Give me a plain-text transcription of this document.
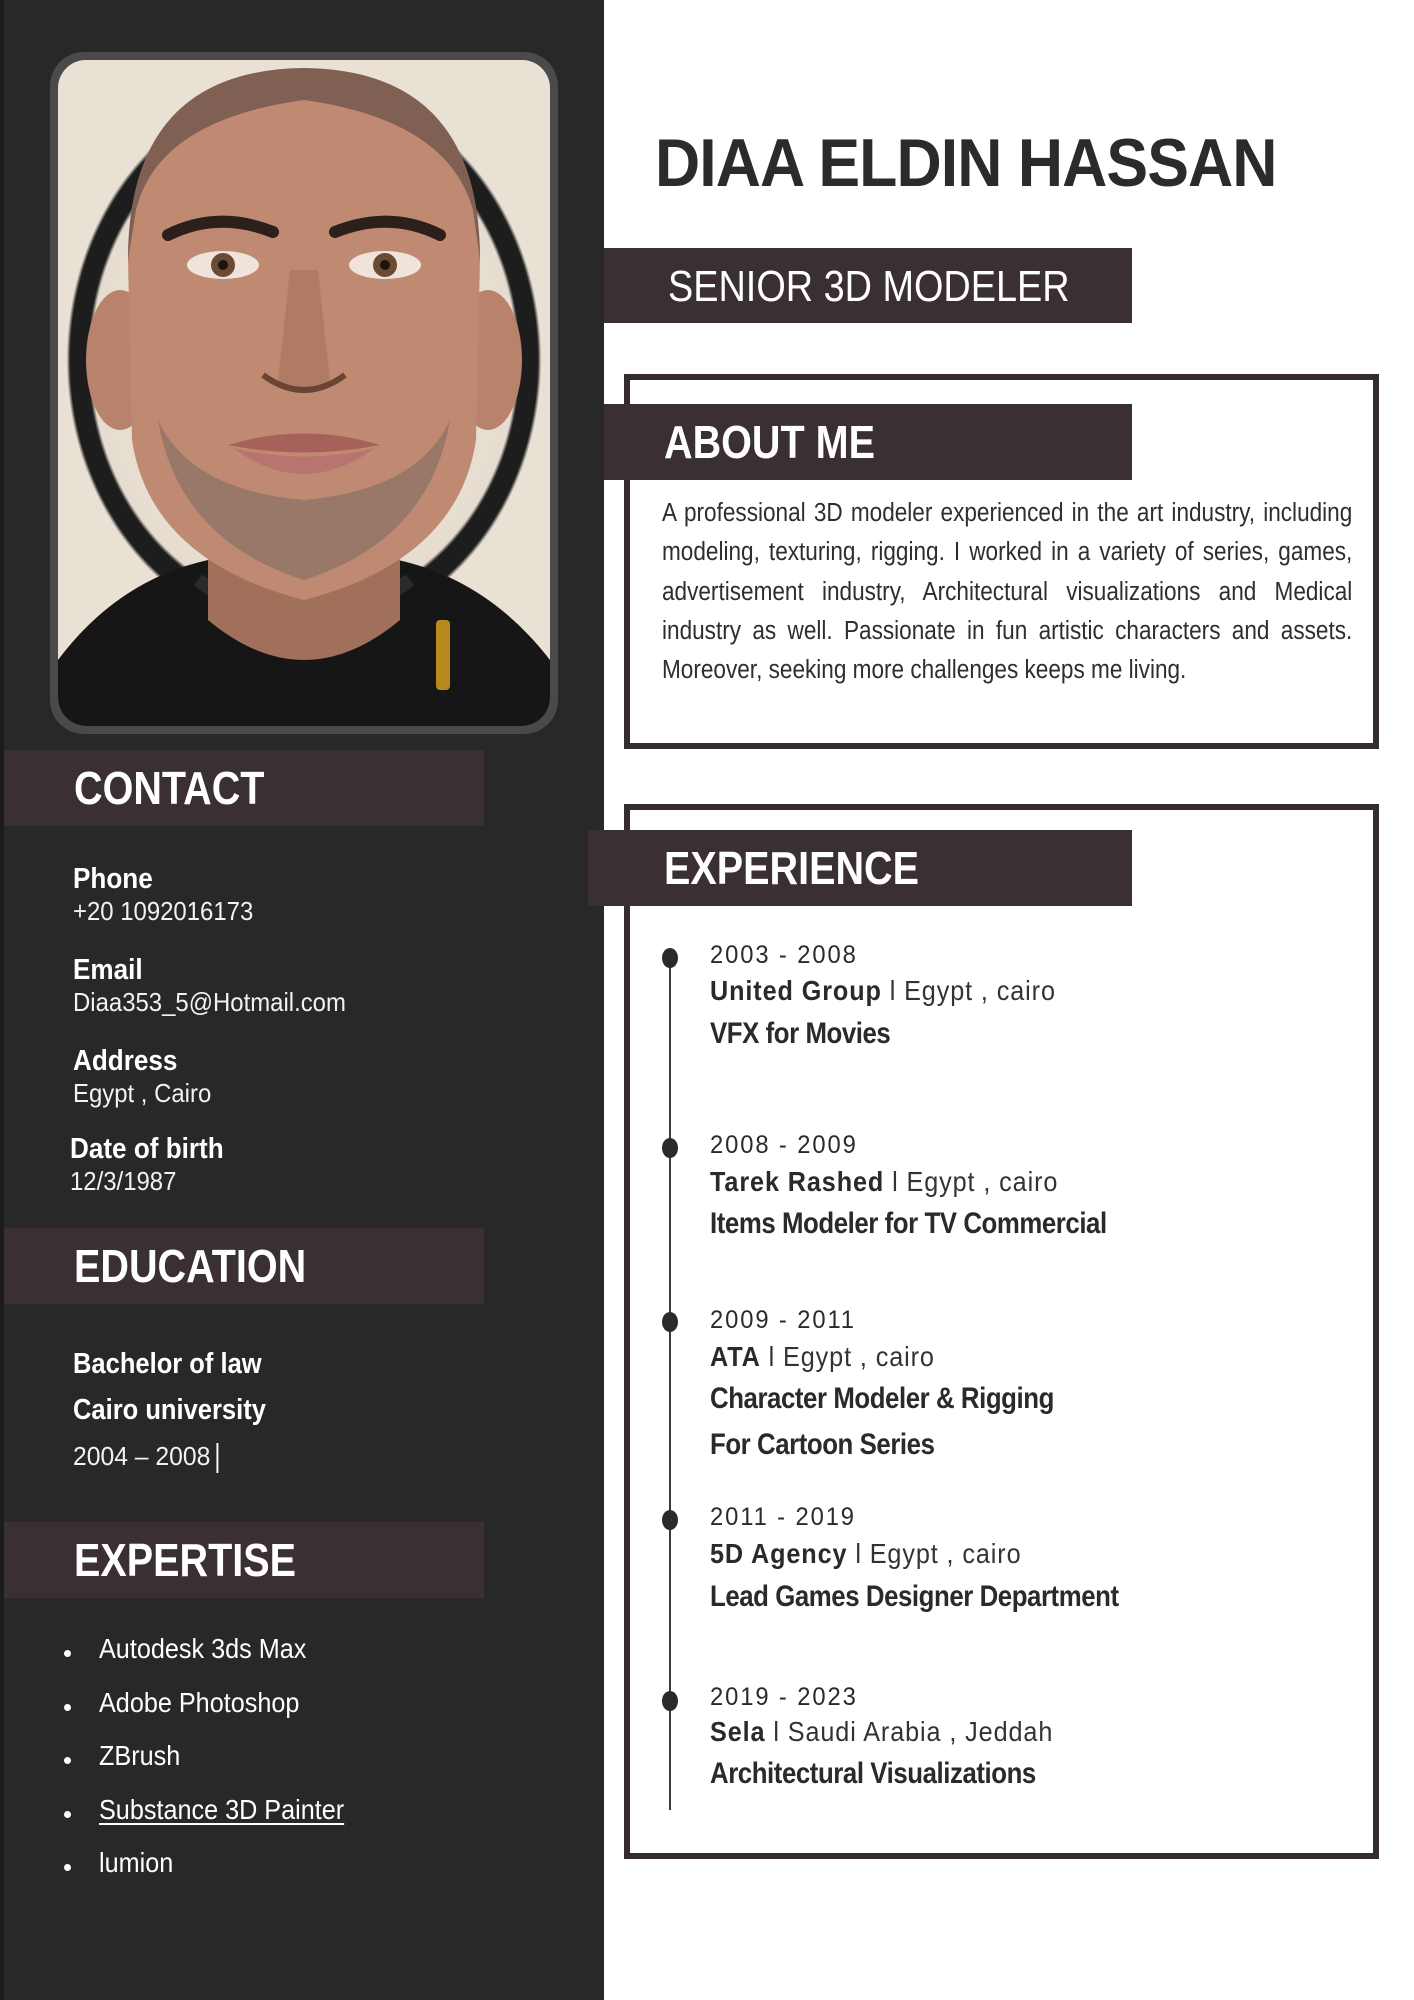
CONTACT
Phone
+20 1092016173
Email
Diaa353_5@Hotmail.com
Address
Egypt , Cairo
Date of birth
12/3/1987
EDUCATION
Bachelor of law
Cairo university
2004 – 2008
EXPERTISE
Autodesk 3ds Max
Adobe Photoshop
ZBrush
Substance 3D Painter
lumion
DIAA ELDIN HASSAN
SENIOR 3D MODELER
ABOUT ME
A professional 3D modeler experienced in the art industry, including modeling, texturing, rigging. I worked in a variety of series, games, advertisement industry, Architectural visualizations and Medical industry as well. Passionate in fun artistic characters and assets. Moreover, seeking more challenges keeps me living.
EXPERIENCE
2003 - 2008
United Group l Egypt , cairo
VFX for Movies
2008 - 2009
Tarek Rashed l Egypt , cairo
Items Modeler for TV Commercial
2009 - 2011
ATA l Egypt , cairo
Character Modeler & Rigging
For Cartoon Series
2011 - 2019
5D Agency l Egypt , cairo
Lead Games Designer Department
2019 - 2023
Sela l Saudi Arabia , Jeddah
Architectural Visualizations
